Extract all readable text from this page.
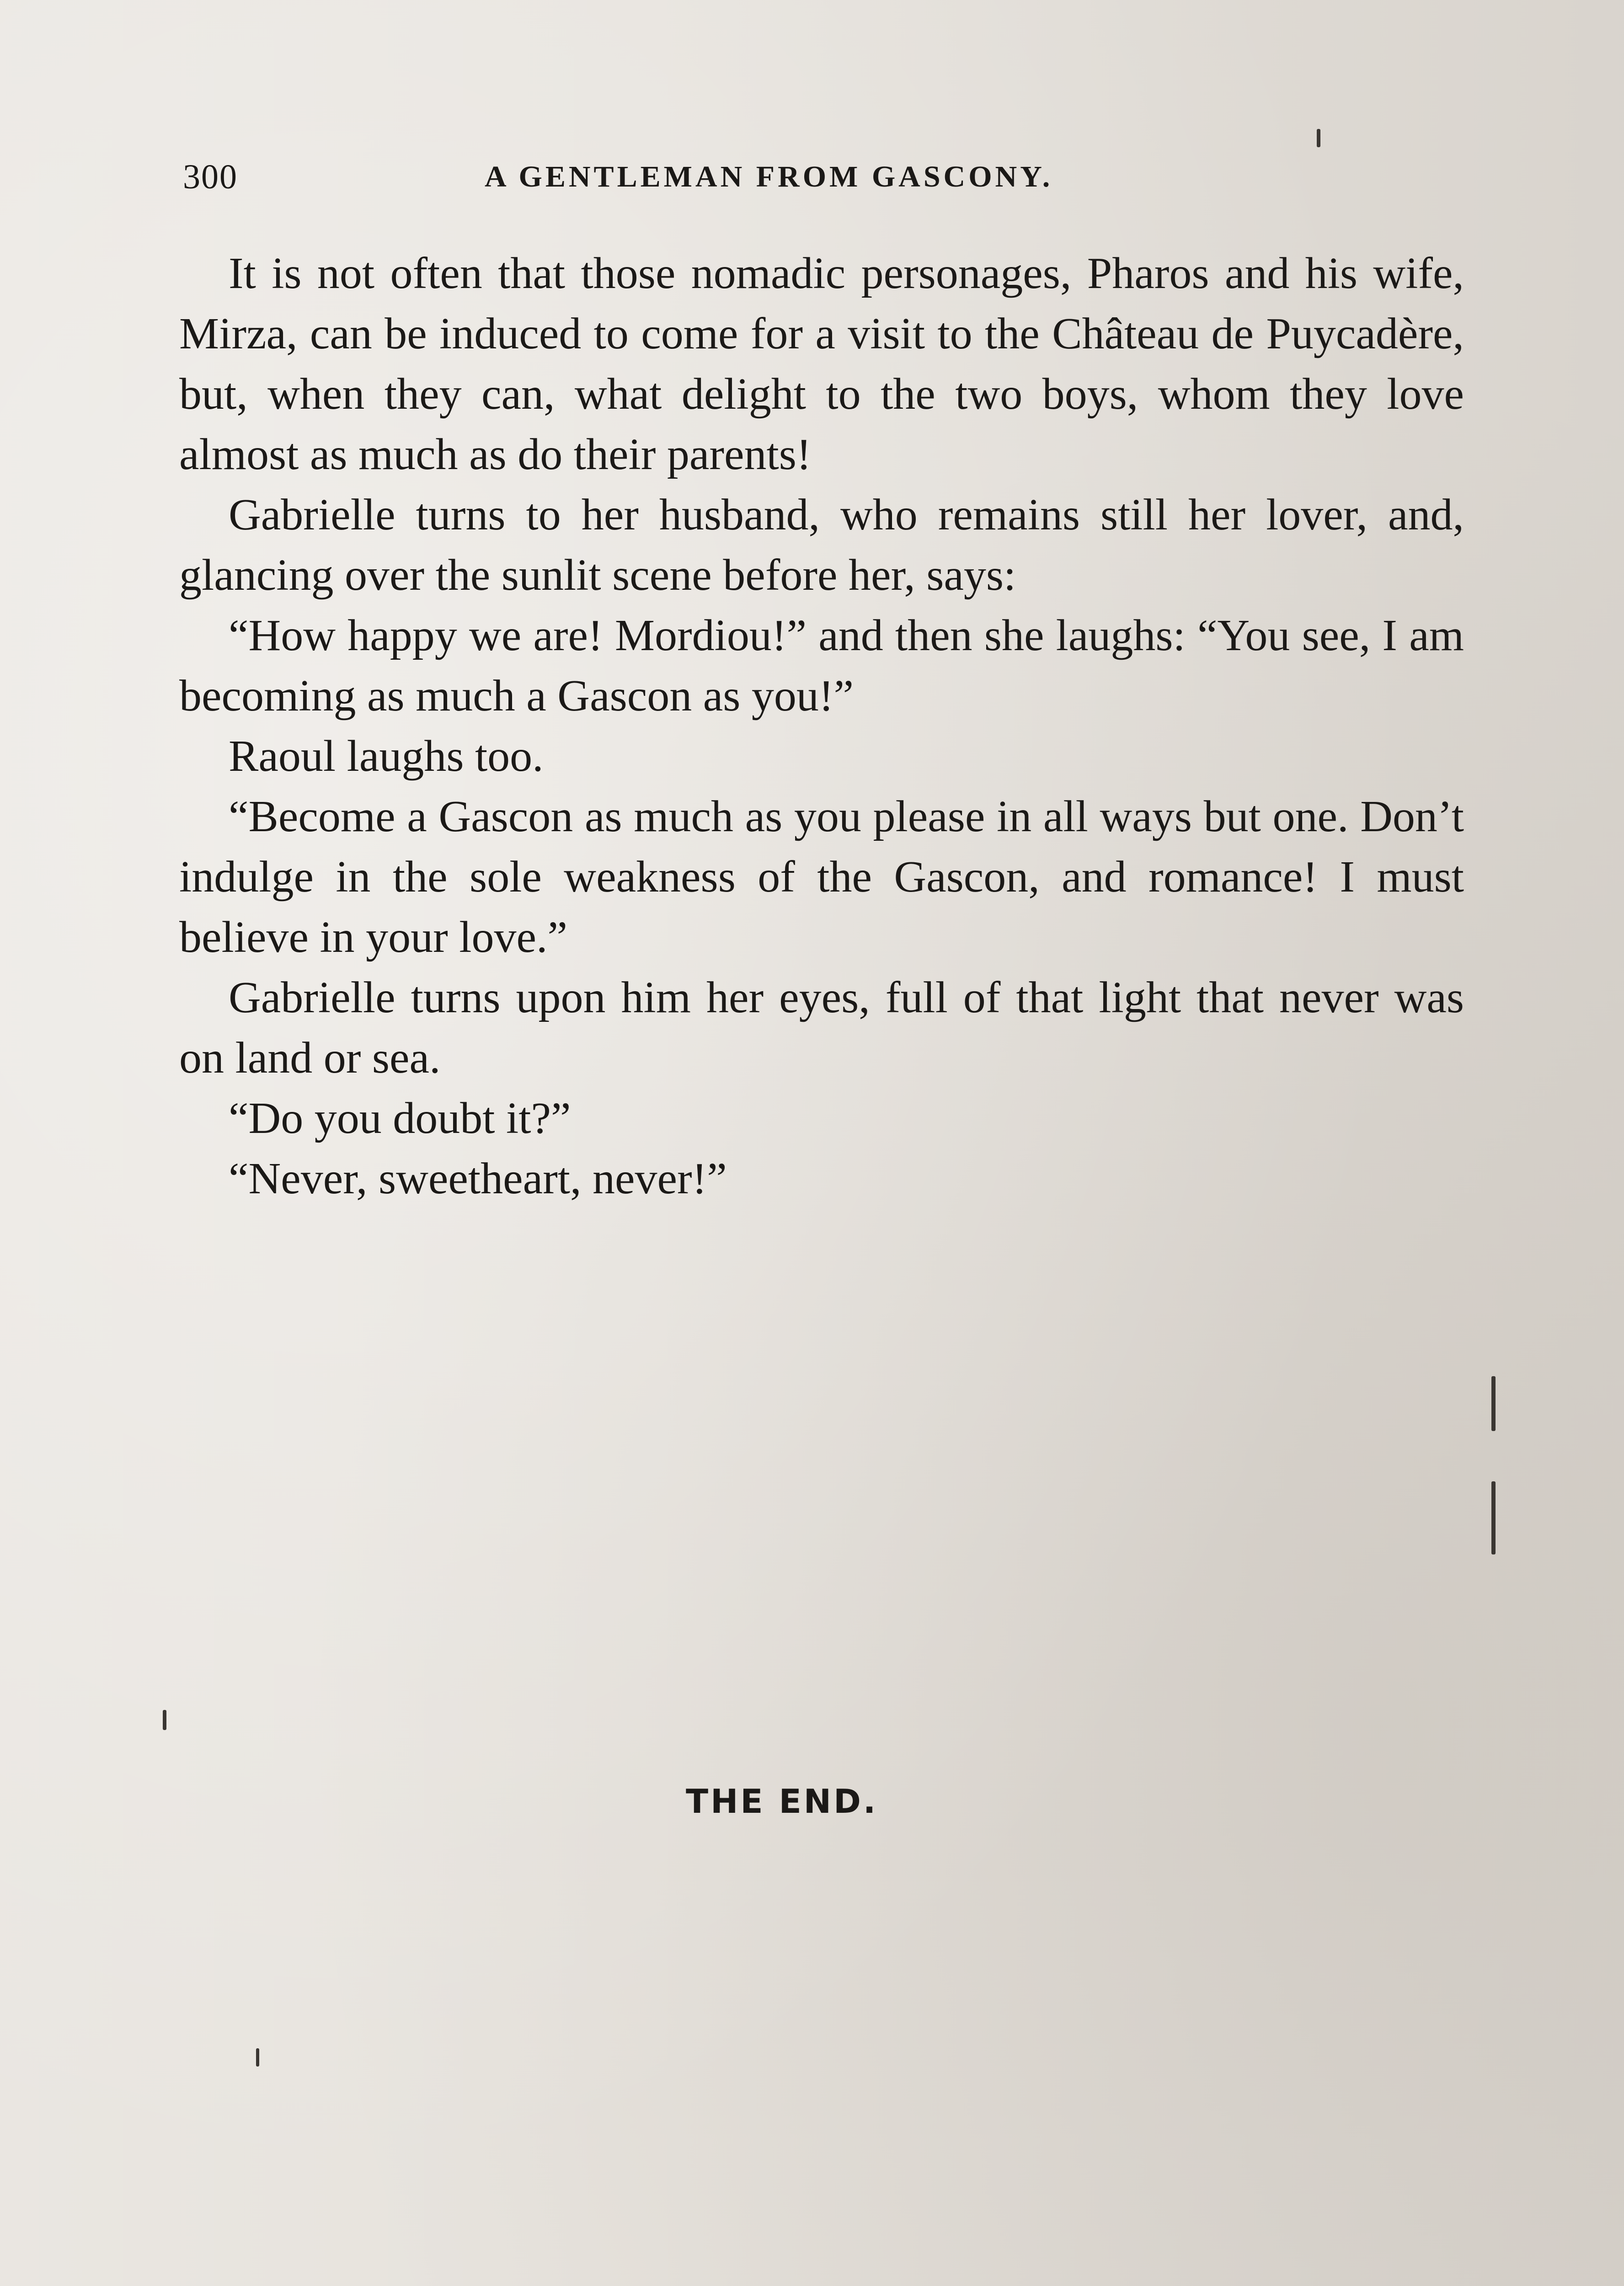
300	A GENTLEMAN FROM GASCONY.

It is not often that those nomadic personages, Pharos and his wife, Mirza, can be induced to come for a visit to the Château de Puycadère, but, when they can, what delight to the two boys, whom they love almost as much as do their parents!

Gabrielle turns to her husband, who remains still her lover, and, glancing over the sunlit scene before her, says:

“How happy we are! Mordiou!” and then she laughs: “You see, I am becoming as much a Gascon as you!”

Raoul laughs too.

“Become a Gascon as much as you please in all ways but one. Don’t indulge in the sole weakness of the Gascon, and romance! I must believe in your love.”

Gabrielle turns upon him her eyes, full of that light that never was on land or sea.

“Do you doubt it?”

“Never, sweetheart, never!”

THE END.
